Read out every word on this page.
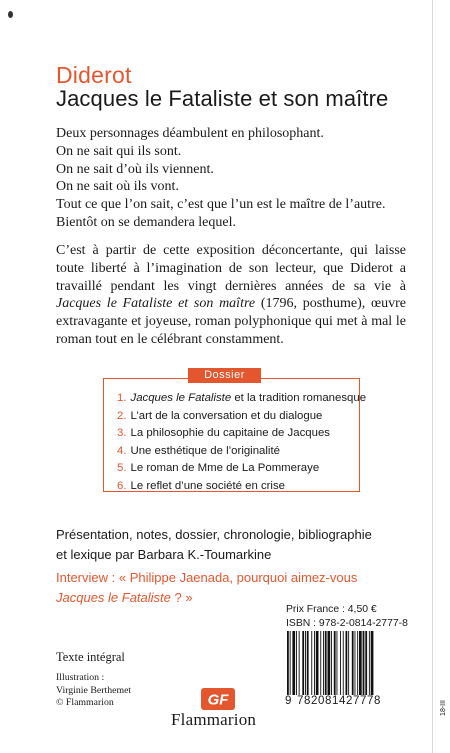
Diderot
Jacques le Fataliste et son maître
Deux personnages déambulent en philosophant.
On ne sait qui ils sont.
On ne sait d’où ils viennent.
On ne sait où ils vont.
Tout ce que l’on sait, c’est que l’un est le maître de l’autre.
Bientôt on se demandera lequel.
C’est à partir de cette exposition déconcertante, qui laisse toute liberté à l’imagination de son lecteur, que Diderot a travaillé pendant les vingt dernières années de sa vie à Jacques le Fataliste et son maître (1796, posthume), œuvre extravagante et joyeuse, roman polyphonique qui met à mal le roman tout en le célébrant constamment.
Dossier
1. Jacques le Fataliste et la tradition romanesque
2. L’art de la conversation et du dialogue
3. La philosophie du capitaine de Jacques
4. Une esthétique de l’originalité
5. Le roman de Mme de La Pommeraye
6. Le reflet d’une société en crise
Présentation, notes, dossier, chronologie, bibliographie
et lexique par Barbara K.-Toumarkine
Interview : « Philippe Jaenada, pourquoi aimez-vous
Jacques le Fataliste ? »
Prix France : 4,50 €
ISBN : 978-2-0814-2777-8
9 782081427778	18-III
Texte intégral
Illustration :
Virginie Berthemet
© Flammarion	GF
Flammarion
